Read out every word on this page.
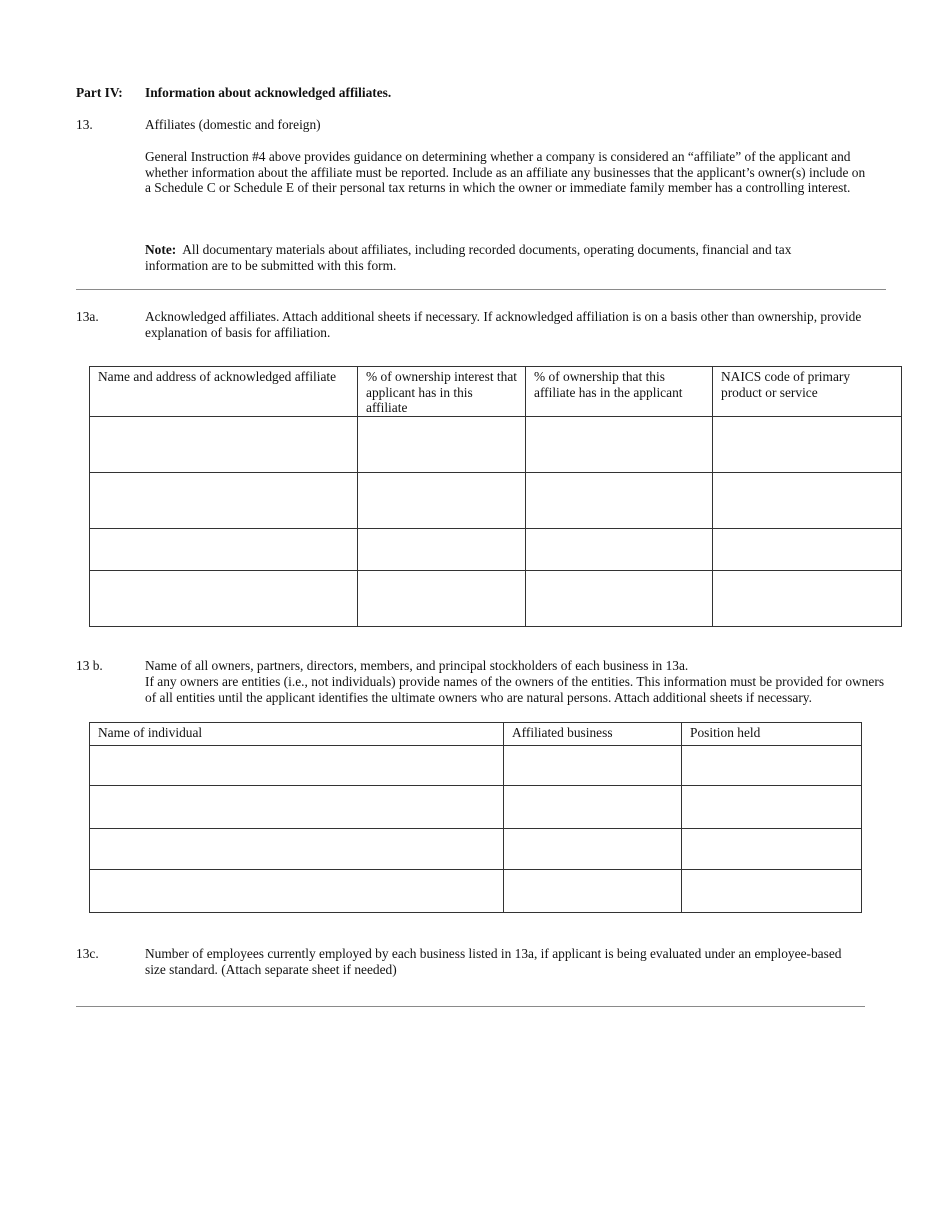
Part IV: Information about acknowledged affiliates.
13.	Affiliates (domestic and foreign)
General Instruction #4 above provides guidance on determining whether a company is considered an “affiliate” of the applicant and whether information about the affiliate must be reported. Include as an affiliate any businesses that the applicant’s owner(s) include on a Schedule C or Schedule E of their personal tax returns in which the owner or immediate family member has a controlling interest.
Note: All documentary materials about affiliates, including recorded documents, operating documents, financial and tax information are to be submitted with this form.
13a.	Acknowledged affiliates. Attach additional sheets if necessary. If acknowledged affiliation is on a basis other than ownership, provide explanation of basis for affiliation.
Name and address of acknowledged affiliate	% of ownership interest that applicant has in this affiliate	% of ownership that this affiliate has in the applicant	NAICS code of primary product or service

13 b.	Name of all owners, partners, directors, members, and principal stockholders of each business in 13a.
If any owners are entities (i.e., not individuals) provide names of the owners of the entities. This information must be provided for owners of all entities until the applicant identifies the ultimate owners who are natural persons. Attach additional sheets if necessary.
Name of individual	Affiliated business	Position held

13c.	Number of employees currently employed by each business listed in 13a, if applicant is being evaluated under an employee-based size standard. (Attach separate sheet if needed)
